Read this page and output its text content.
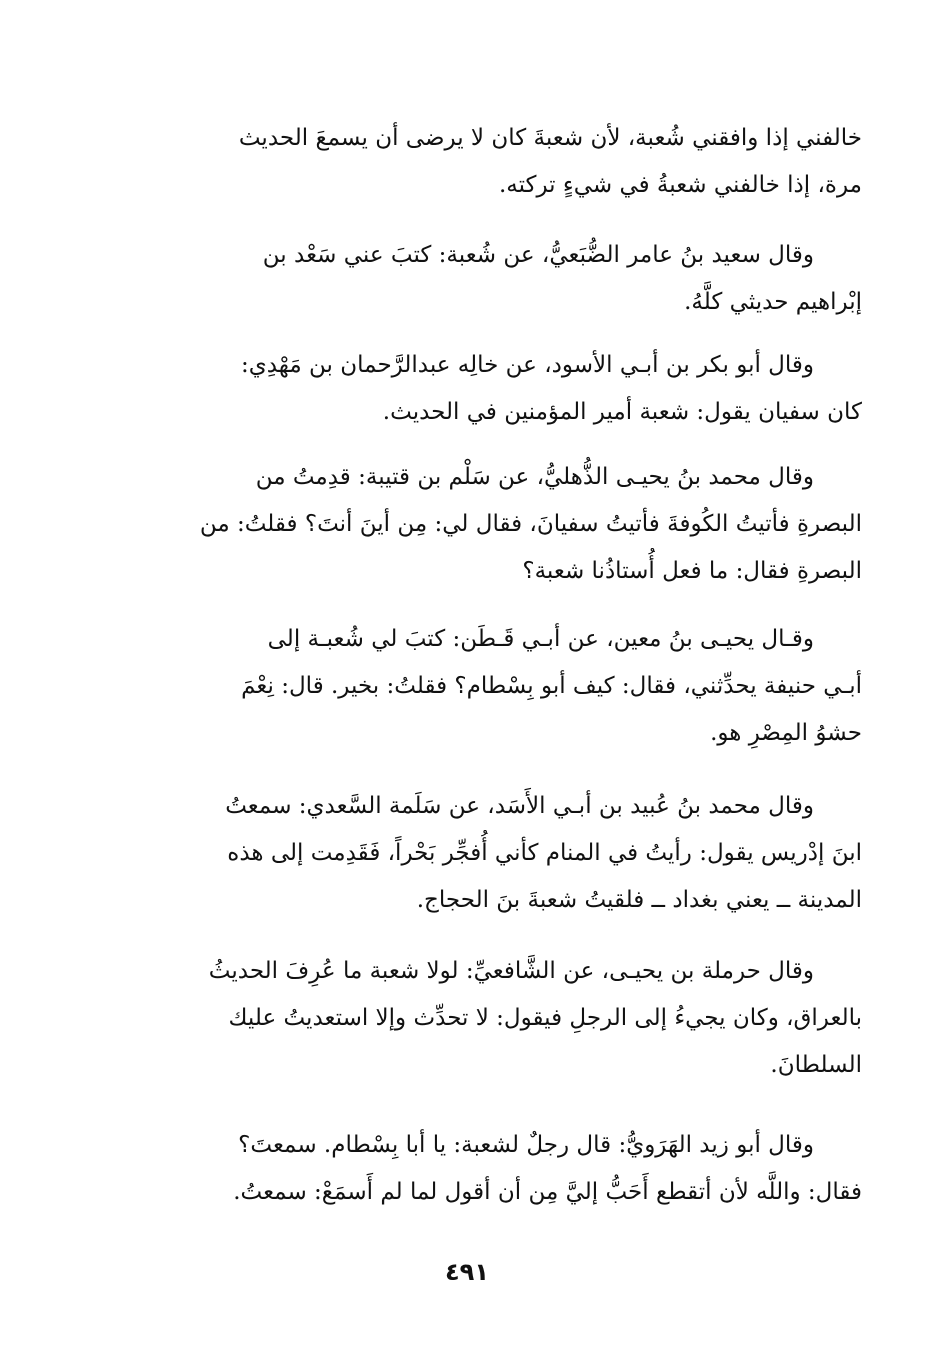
خالفني إذا وافقني شُعبة، لأن شعبةَ كان لا يرضى أن يسمعَ الحديث
مرة، إذا خالفني شعبةُ في شيءٍ تركته.
وقال سعيد بنُ عامر الضُّبَعيُّ، عن شُعبة: كتبَ عني سَعْد بن
إبْراهيم حديثي كلَّهُ.
وقال أبو بكر بن أبـي الأسود، عن خالِه عبدالرَّحمان بن مَهْدِي:
كان سفيان يقول: شعبة أمير المؤمنين في الحديث.
وقال محمد بنُ يحيـى الذُّهليُّ، عن سَلْم بن قتيبة: قدِمتُ من
البصرةِ فأتيتُ الكُوفةَ فأتيتُ سفيانَ، فقال لي: مِن أينَ أنتَ؟ فقلتُ: من
البصرةِ فقال: ما فعل أُستاذُنا شعبة؟
وقـال يحيـى بنُ معين، عن أبـي قَـطَن: كتبَ لي شُعبـة إلى
أبـي حنيفة يحدِّثني، فقال: كيف أبو بِسْطام؟ فقلتُ: بخير. قال: نِعْمَ
حشوُ المِصْرِ هو.
وقال محمد بنُ عُبيد بن أبـي الأَسَد، عن سَلَمة السَّعدي: سمعتُ
ابنَ إدْريس يقول: رأيتُ في المنام كأني أُفجِّر بَحْراً، فَقَدِمت إلى هذه
المدينة ــ يعني بغداد ــ فلقيتُ شعبةَ بنَ الحجاج.
وقال حرملة بن يحيـى، عن الشَّافعيِّ: لولا شعبة ما عُرِفَ الحديثُ
بالعراق، وكان يجيءُ إلى الرجلِ فيقول: لا تحدِّث وإلا استعديتُ عليك
السلطانَ.
وقال أبو زيد الهَرَويُّ: قال رجلٌ لشعبة: يا أبا بِسْطام. سمعتَ؟
فقال: واللَّه لأن أتقطع أَحَبُّ إليَّ مِن أن أقول لما لم أَسمَعْ: سمعتُ.
٤٩١
